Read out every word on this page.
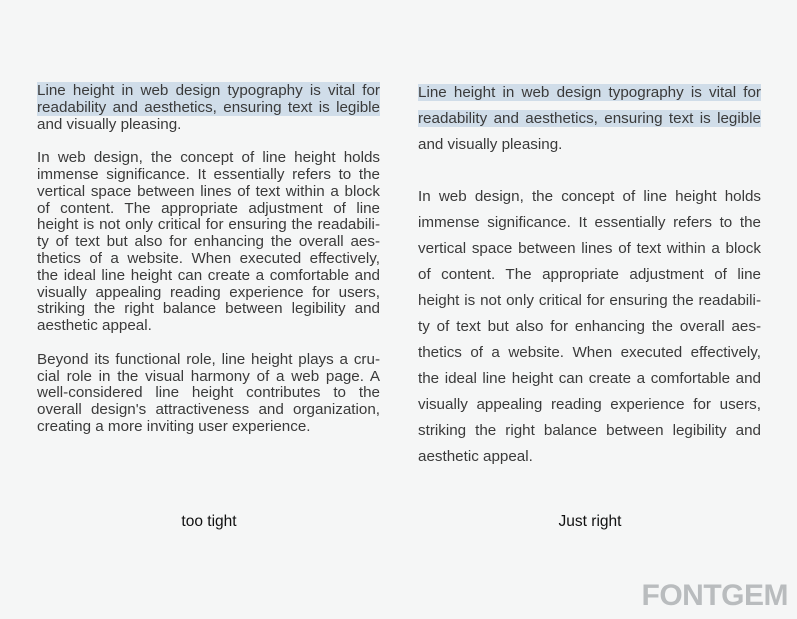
Line height in web design typography is vital for readability and aesthetics, ensuring text is legible and visually pleasing.

In web design, the concept of line height holds immense significance. It essentially refers to the vertical space between lines of text within a block of content. The appropriate adjustment of line height is not only critical for ensuring the readability of text but also for enhancing the overall aesthetics of a website. When executed effectively, the ideal line height can create a comfortable and visually appealing reading experience for users, striking the right balance between legibility and aesthetic appeal.

Beyond its functional role, line height plays a crucial role in the visual harmony of a web page. A well-considered line height contributes to the overall design's attractiveness and organization, creating a more inviting user experience.

Line height in web design typography is vital for readability and aesthetics, ensuring text is legible and visually pleasing.

In web design, the concept of line height holds immense significance. It essentially refers to the vertical space between lines of text within a block of content. The appropriate adjustment of line height is not only critical for ensuring the readability of text but also for enhancing the overall aesthetics of a website. When executed effectively, the ideal line height can create a comfortable and visually appealing reading experience for users, striking the right balance between legibility and aesthetic appeal.

too tight	Just right
FONTGEM
